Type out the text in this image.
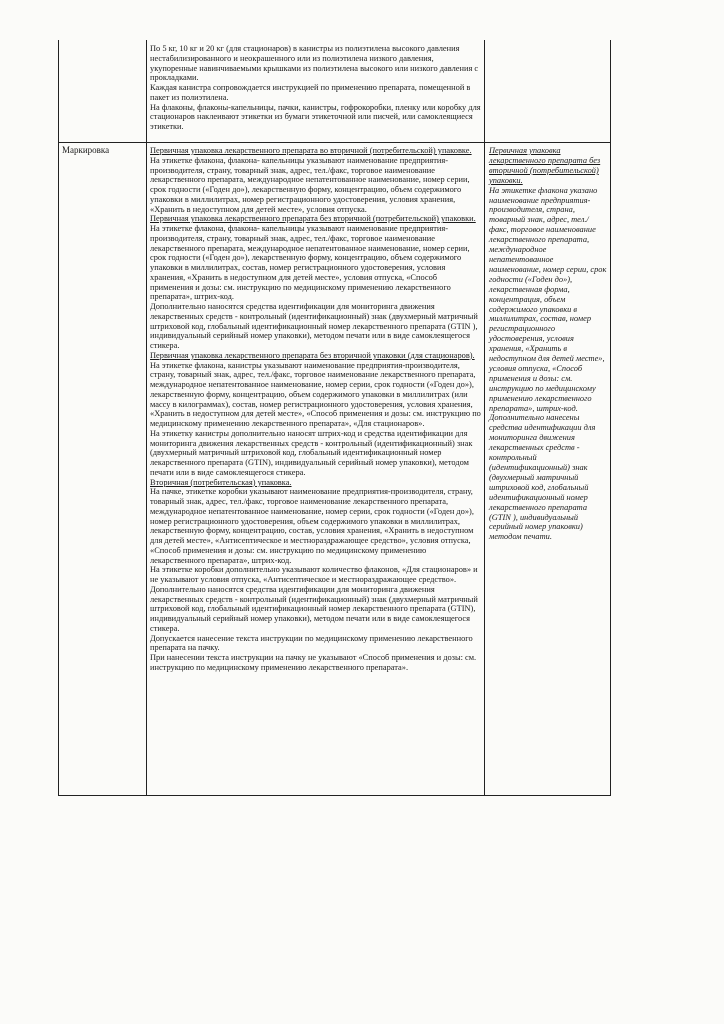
По 5 кг, 10 кг и 20 кг (для стационаров) в канистры из полиэтилена высокого давления нестабилизированного и неокрашенного или из полиэтилена низкого давления, укупоренные навинчиваемыми крышками из полиэтилена высокого или низкого давления с прокладками.

Каждая канистра сопровождается инструкцией по применению препарата, помещенной в пакет из полиэтилена.

На флаконы, флаконы-капельницы, пачки, канистры, гофрокоробки, пленку или коробку для стационаров наклеивают этикетки из бумаги этикеточной или писчей, или самоклеящиеся этикетки.

Маркировка	Первичная упаковка лекарственного препарата во вторичной (потребительской) упаковке.

На этикетке флакона, флакона- капельницы указывают наименование предприятия-производителя, страну, товарный знак, адрес, тел./факс, торговое наименование лекарственного препарата, международное непатентованное наименование, номер серии, срок годности («Годен до»), лекарственную форму, концентрацию, объем содержимого упаковки в миллилитрах, номер регистрационного удостоверения, условия хранения, «Хранить в недоступном для детей месте», условия отпуска.

Первичная упаковка лекарственного препарата без вторичной (потребительской) упаковки.

На этикетке флакона, флакона- капельницы указывают наименование предприятия-производителя, страну, товарный знак, адрес, тел./факс, торговое наименование лекарственного препарата, международное непатентованное наименование, номер серии, срок годности («Годен до»), лекарственную форму, концентрацию, объем содержимого упаковки в миллилитрах, состав, номер регистрационного удостоверения, условия хранения, «Хранить в недоступном для детей месте», условия отпуска, «Способ применения и дозы: см. инструкцию по медицинскому применению лекарственного препарата», штрих-код.

Дополнительно наносятся средства идентификации для мониторинга движения лекарственных средств - контрольный (идентификационный) знак (двухмерный матричный штриховой код, глобальный идентификационный номер лекарственного препарата (GTIN ), индивидуальный серийный номер упаковки), методом печати или в виде самоклеящегося стикера.

Первичная упаковка лекарственного препарата без вторичной упаковки (для стационаров).

На этикетке флакона, канистры указывают наименование предприятия-производителя, страну, товарный знак, адрес, тел./факс, торговое наименование лекарственного препарата, международное непатентованное наименование, номер серии, срок годности («Годен до»), лекарственную форму, концентрацию, объем содержимого упаковки в миллилитрах (или массу в килограммах), состав, номер регистрационного удостоверения, условия хранения, «Хранить в недоступном для детей месте», «Способ применения и дозы: см. инструкцию по медицинскому применению лекарственного препарата», «Для стационаров».

На этикетку канистры дополнительно наносят штрих-код и средства идентификации для мониторинга движения лекарственных средств - контрольный (идентификационный) знак (двухмерный матричный штриховой код, глобальный идентификационный номер лекарственного препарата (GTIN), индивидуальный серийный номер упаковки), методом печати или в виде самоклеящегося стикера.

Вторичная (потребительская) упаковка.

На пачке, этикетке коробки указывают наименование предприятия-производителя, страну, товарный знак, адрес, тел./факс, торговое наименование лекарственного препарата, международное непатентованное наименование, номер серии, срок годности («Годен до»), номер регистрационного удостоверения, объем содержимого упаковки в миллилитрах, лекарственную форму, концентрацию, состав, условия хранения, «Хранить в недоступном для детей месте», «Антисептическое и местнораздражающее средство», условия отпуска, «Способ применения и дозы: см. инструкцию по медицинскому применению лекарственного препарата», штрих-код.

На этикетке коробки дополнительно указывают количество флаконов, «Для стационаров» и не указывают условия отпуска, «Антисептическое и местнораздражающее средство».

Дополнительно наносятся средства идентификации для мониторинга движения лекарственных средств - контрольный (идентификационный) знак (двухмерный матричный штриховой код, глобальный идентификационный номер лекарственного препарата (GTIN), индивидуальный серийный номер упаковки), методом печати или в виде самоклеящегося стикера.

Допускается нанесение текста инструкции по медицинскому применению лекарственного препарата на пачку.

При нанесении текста инструкции на пачку не указывают «Способ применения и дозы: см. инструкцию по медицинскому применению лекарственного препарата».

Первичная упаковка лекарственного препарата без вторичной (потребительской) упаковки.

На этикетке флакона указано наименование предприятия-производителя, страна, товарный знак, адрес, тел./факс, торговое наименование лекарственного препарата, международное непатентованное наименование, номер серии, срок годности («Годен до»), лекарственная форма, концентрация, объем содержимого упаковки в миллилитрах, состав, номер регистрационного удостоверения, условия хранения, «Хранить в недоступном для детей месте», условия отпуска, «Способ применения и дозы: см. инструкцию по медицинскому применению лекарственного препарата», штрих-код. Дополнительно нанесены средства идентификации для мониторинга движения лекарственных средств - контрольный (идентификационный) знак (двухмерный матричный штриховой код, глобальный идентификационный номер лекарственного препарата (GTIN ), индивидуальный серийный номер упаковки) методом печати.
